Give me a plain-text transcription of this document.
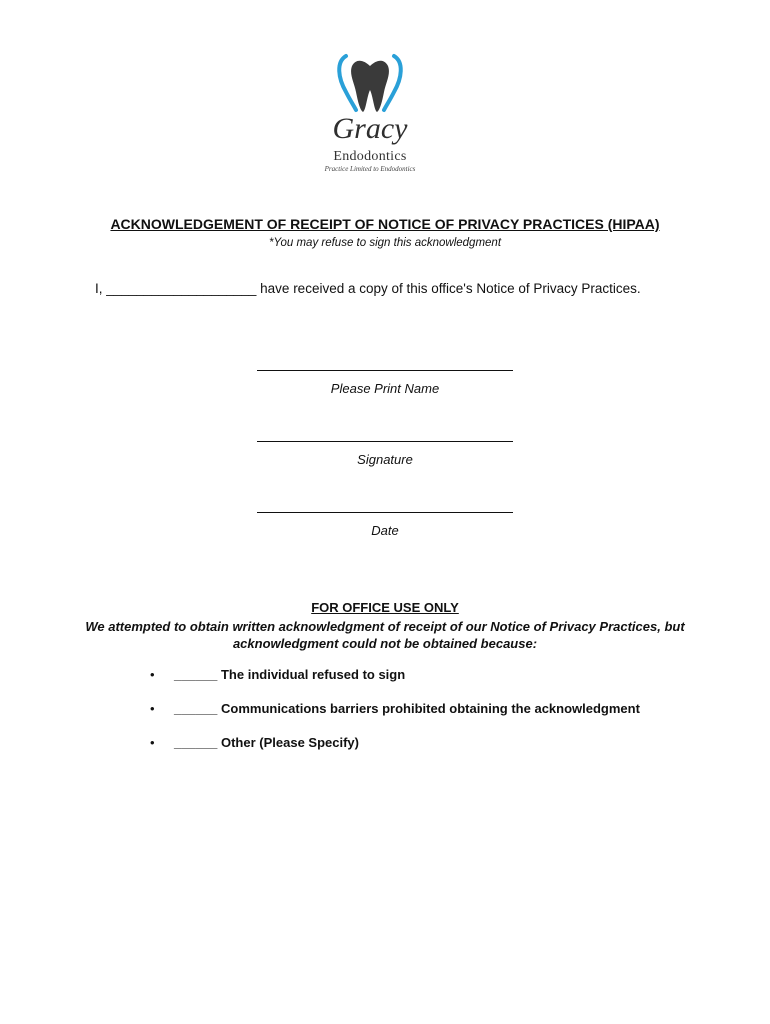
Gracy
Endodontics
Practice Limited to Endodontics
ACKNOWLEDGEMENT OF RECEIPT OF NOTICE OF PRIVACY PRACTICES (HIPAA)
*You may refuse to sign this acknowledgment
I, ____________________ have received a copy of this office's Notice of Privacy Practices.
Please Print Name
Signature
Date
FOR OFFICE USE ONLY
We attempted to obtain written acknowledgment of receipt of our Notice of Privacy Practices, but
acknowledgment could not be obtained because:
• ______ The individual refused to sign
• ______ Communications barriers prohibited obtaining the acknowledgment
• ______ Other (Please Specify)
